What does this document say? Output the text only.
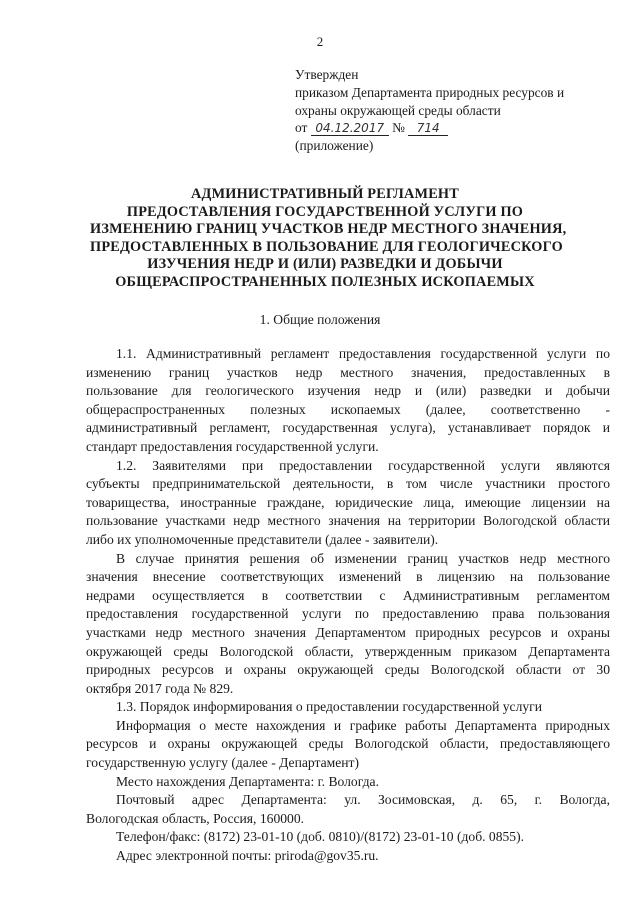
2
Утвержден
приказом Департамента природных ресурсов и
охраны окружающей среды области
от 04.12.2017 № 714
(приложение)
АДМИНИСТРАТИВНЫЙ РЕГЛАМЕНТ
ПРЕДОСТАВЛЕНИЯ ГОСУДАРСТВЕННОЙ УСЛУГИ ПО
ИЗМЕНЕНИЮ ГРАНИЦ УЧАСТКОВ НЕДР МЕСТНОГО ЗНАЧЕНИЯ,
ПРЕДОСТАВЛЕННЫХ В ПОЛЬЗОВАНИЕ ДЛЯ ГЕОЛОГИЧЕСКОГО
ИЗУЧЕНИЯ НЕДР И (ИЛИ) РАЗВЕДКИ И ДОБЫЧИ
ОБЩЕРАСПРОСТРАНЕННЫХ ПОЛЕЗНЫХ ИСКОПАЕМЫХ
1. Общие положения
1.1. Административный регламент предоставления государственной услуги по
изменению границ участков недр местного значения, предоставленных в
пользование для геологического изучения недр и (или) разведки и добычи
общераспространенных полезных ископаемых (далее, соответственно -
административный регламент, государственная услуга), устанавливает порядок и
стандарт предоставления государственной услуги.
1.2. Заявителями при предоставлении государственной услуги являются
субъекты предпринимательской деятельности, в том числе участники простого
товарищества, иностранные граждане, юридические лица, имеющие лицензии на
пользование участками недр местного значения на территории Вологодской области
либо их уполномоченные представители (далее - заявители).
В случае принятия решения об изменении границ участков недр местного
значения внесение соответствующих изменений в лицензию на пользование
недрами осуществляется в соответствии с Административным регламентом
предоставления государственной услуги по предоставлению права пользования
участками недр местного значения Департаментом природных ресурсов и охраны
окружающей среды Вологодской области, утвержденным приказом Департамента
природных ресурсов и охраны окружающей среды Вологодской области от 30
октября 2017 года № 829.
1.3. Порядок информирования о предоставлении государственной услуги
Информация о месте нахождения и графике работы Департамента природных
ресурсов и охраны окружающей среды Вологодской области, предоставляющего
государственную услугу (далее - Департамент)
Место нахождения Департамента: г. Вологда.
Почтовый адрес Департамента: ул. Зосимовская, д. 65, г. Вологда,
Вологодская область, Россия, 160000.
Телефон/факс: (8172) 23-01-10 (доб. 0810)/(8172) 23-01-10 (доб. 0855).
Адрес электронной почты: priroda@gov35.ru.
